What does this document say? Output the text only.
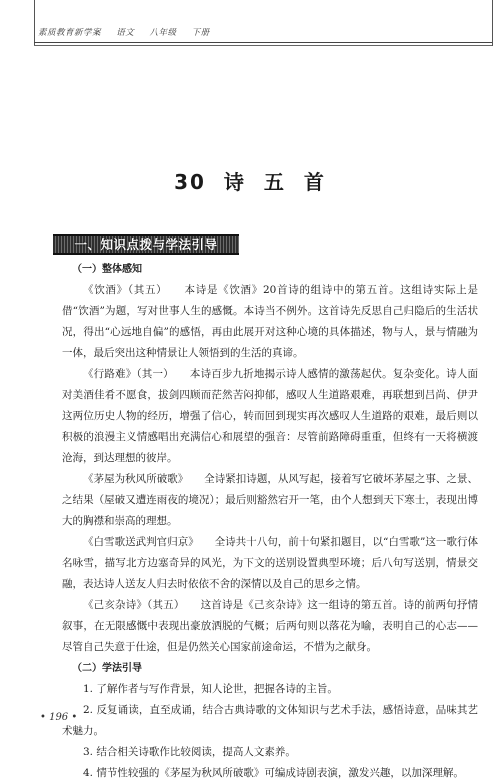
素质教育新学案 语文 八年级 下册
30 诗 五 首
一、知识点拨与学法引导
（一）整体感知

《饮酒》（其五）　　本诗是《饮酒》20首诗的组诗中的第五首。这组诗实际上是借“饮酒”为题，写对世事人生的感慨。本诗当不例外。这首诗先反思自己归隐后的生活状况，得出“心远地自偏”的感悟，再由此展开对这种心境的具体描述，物与人，景与情融为一体，最后突出这种情景让人领悟到的生活的真谛。

《行路难》（其一）　　本诗百步九折地揭示诗人感情的激荡起伏。复杂变化。诗人面对美酒佳肴不愿食，拔剑四顾而茫然苦闷抑郁，感叹人生道路艰难，再联想到吕尚、伊尹这两位历史人物的经历，增强了信心，转而回到现实再次感叹人生道路的艰难，最后则以积极的浪漫主义情感唱出充满信心和展望的强音：尽管前路障碍重重，但终有一天将横渡沧海，到达理想的彼岸。

《茅屋为秋风所破歌》　　全诗紧扣诗题，从风写起，接着写它破坏茅屋之事、之景、之结果（屋破又遭连雨夜的境况）；最后则豁然宕开一笔，由个人想到天下寒士，表现出博大的胸襟和崇高的理想。

《白雪歌送武判官归京》　　全诗共十八句，前十句紧扣题目，以“白雪歌”这一歌行体名咏雪，描写北方边塞奇异的风光，为下文的送别设置典型环境；后八句写送别，情景交融，表达诗人送友人归去时依依不舍的深情以及自己的思乡之情。

《己亥杂诗》（其五）　　这首诗是《己亥杂诗》这一组诗的第五首。诗的前两句抒情叙事，在无限感慨中表现出豪放洒脱的气概；后两句则以落花为喻，表明自己的心志——尽管自己失意于仕途，但是仍然关心国家前途命运，不惜为之献身。

（二）学法引导

1. 了解作者与写作背景，知人论世，把握各诗的主旨。

2. 反复诵读，直至成诵，结合古典诗歌的文体知识与艺术手法，感悟诗意，品味其艺术魅力。

3. 结合相关诗歌作比较阅读，提高人文素养。

4. 情节性较强的《茅屋为秋风所破歌》可编成诗剧表演，激发兴趣，以加深理解。

• 196 •
